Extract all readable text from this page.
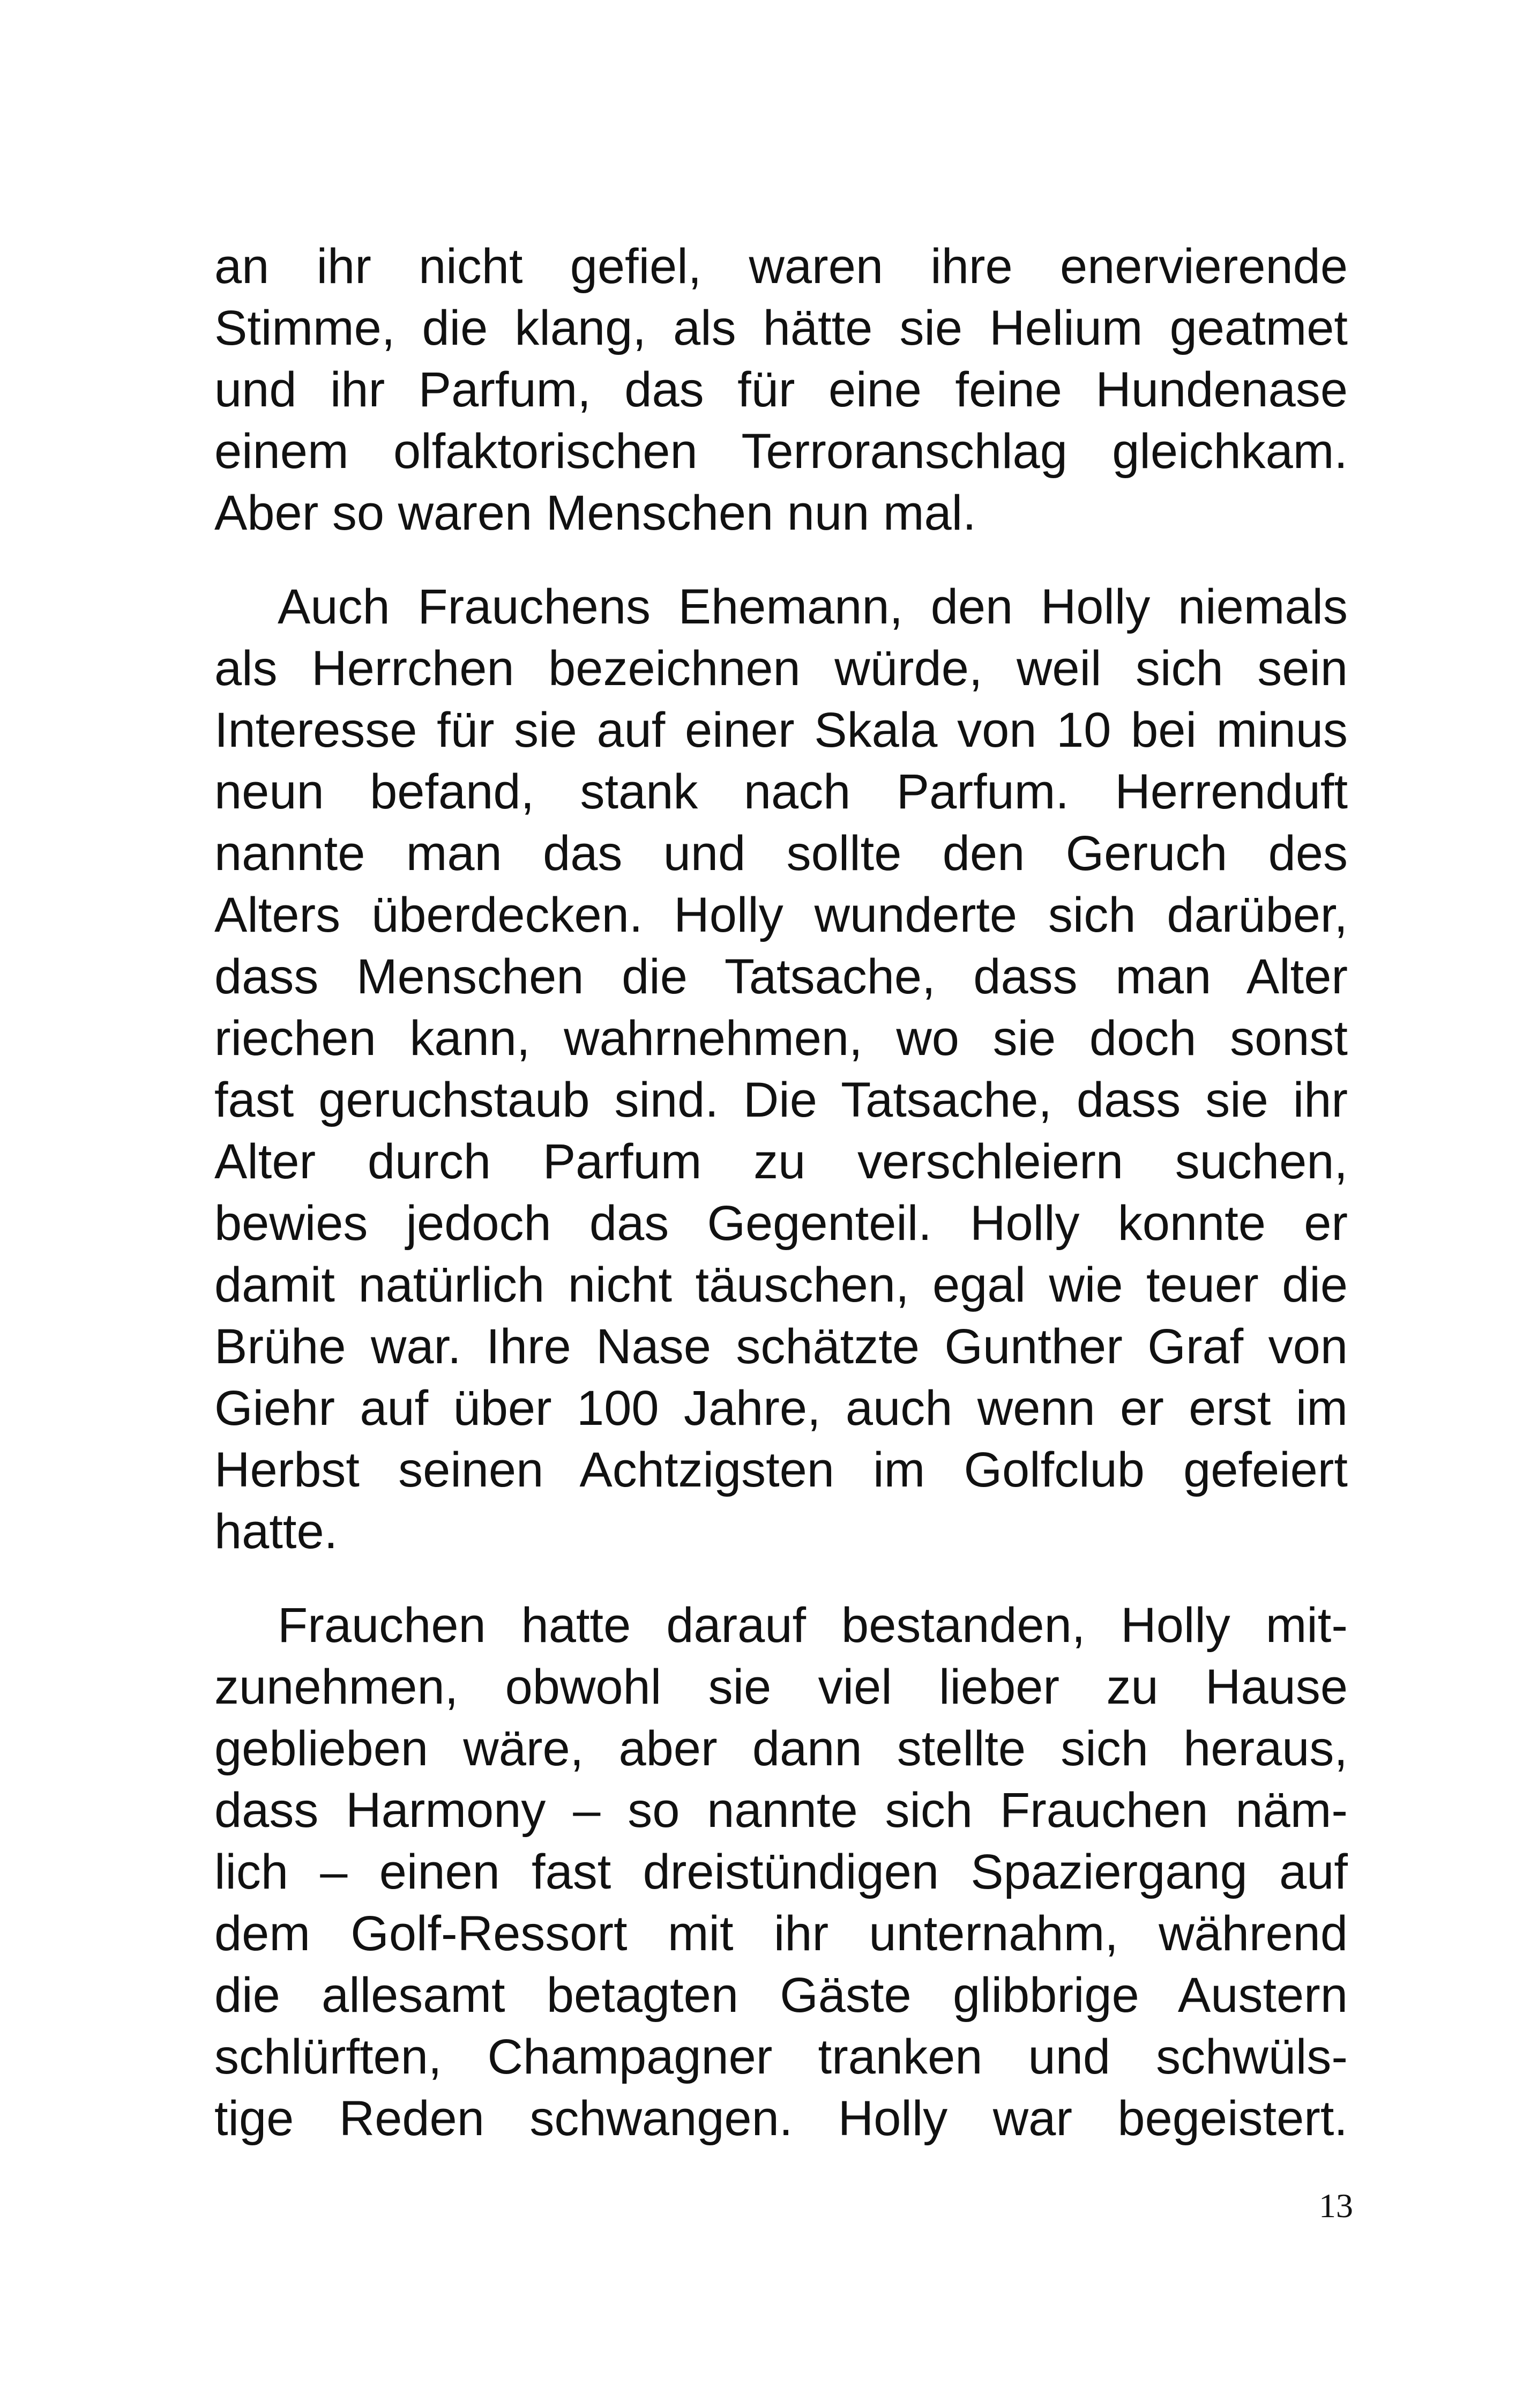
an ihr nicht gefiel, waren ihre enervierende
Stimme, die klang, als hätte sie Helium geatmet
und ihr Parfum, das für eine feine Hundenase
einem olfaktorischen Terroranschlag gleichkam.
Aber so waren Menschen nun mal.
Auch Frauchens Ehemann, den Holly niemals
als Herrchen bezeichnen würde, weil sich sein
Interesse für sie auf einer Skala von 10 bei minus
neun befand, stank nach Parfum. Herrenduft
nannte man das und sollte den Geruch des
Alters überdecken. Holly wunderte sich darüber,
dass Menschen die Tatsache, dass man Alter
riechen kann, wahrnehmen, wo sie doch sonst
fast geruchstaub sind. Die Tatsache, dass sie ihr
Alter durch Parfum zu verschleiern suchen,
bewies jedoch das Gegenteil. Holly konnte er
damit natürlich nicht täuschen, egal wie teuer die
Brühe war. Ihre Nase schätzte Gunther Graf von
Giehr auf über 100 Jahre, auch wenn er erst im
Herbst seinen Achtzigsten im Golfclub gefeiert
hatte.
Frauchen hatte darauf bestanden, Holly mit-
zunehmen, obwohl sie viel lieber zu Hause
geblieben wäre, aber dann stellte sich heraus,
dass Harmony – so nannte sich Frauchen näm-
lich – einen fast dreistündigen Spaziergang auf
dem Golf-Ressort mit ihr unternahm, während
die allesamt betagten Gäste glibbrige Austern
schlürften, Champagner tranken und schwüls-
tige Reden schwangen. Holly war begeistert.
13
